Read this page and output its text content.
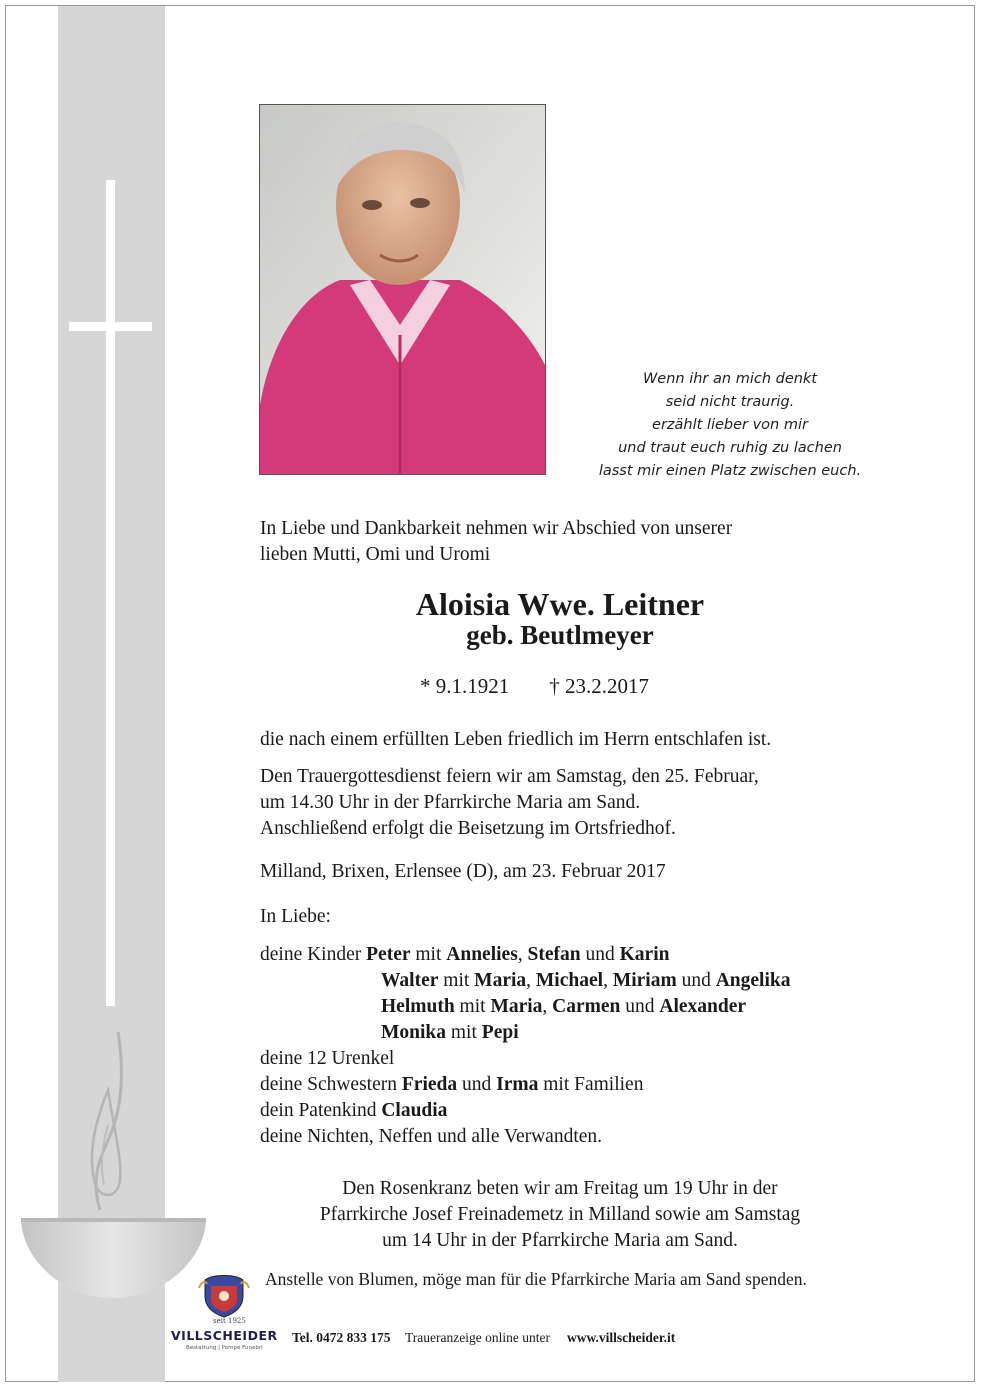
Wenn ihr an mich denkt
seid nicht traurig.
erzählt lieber von mir
und traut euch ruhig zu lachen
lasst mir einen Platz zwischen euch.
In Liebe und Dankbarkeit nehmen wir Abschied von unserer
lieben Mutti, Omi und Uromi
Aloisia Wwe. Leitner
geb. Beutlmeyer
* 9.1.1921 † 23.2.2017
die nach einem erfüllten Leben friedlich im Herrn entschlafen ist.
Den Trauergottesdienst feiern wir am Samstag, den 25. Februar,
um 14.30 Uhr in der Pfarrkirche Maria am Sand.
Anschließend erfolgt die Beisetzung im Ortsfriedhof.
Milland, Brixen, Erlensee (D), am 23. Februar 2017
In Liebe:
deine Kinder Peter mit Annelies, Stefan und Karin
Walter mit Maria, Michael, Miriam und Angelika
Helmuth mit Maria, Carmen und Alexander
Monika mit Pepi
deine 12 Urenkel
deine Schwestern Frieda und Irma mit Familien
dein Patenkind Claudia
deine Nichten, Neffen und alle Verwandten.
Den Rosenkranz beten wir am Freitag um 19 Uhr in der
Pfarrkirche Josef Freinademetz in Milland sowie am Samstag
um 14 Uhr in der Pfarrkirche Maria am Sand.
Anstelle von Blumen, möge man für die Pfarrkirche Maria am Sand spenden.
seit 1925
VILLSCHEIDER
Bestattung | Pompe Funebri
Tel. 0472 833 175 Traueranzeige online unter www.villscheider.it
